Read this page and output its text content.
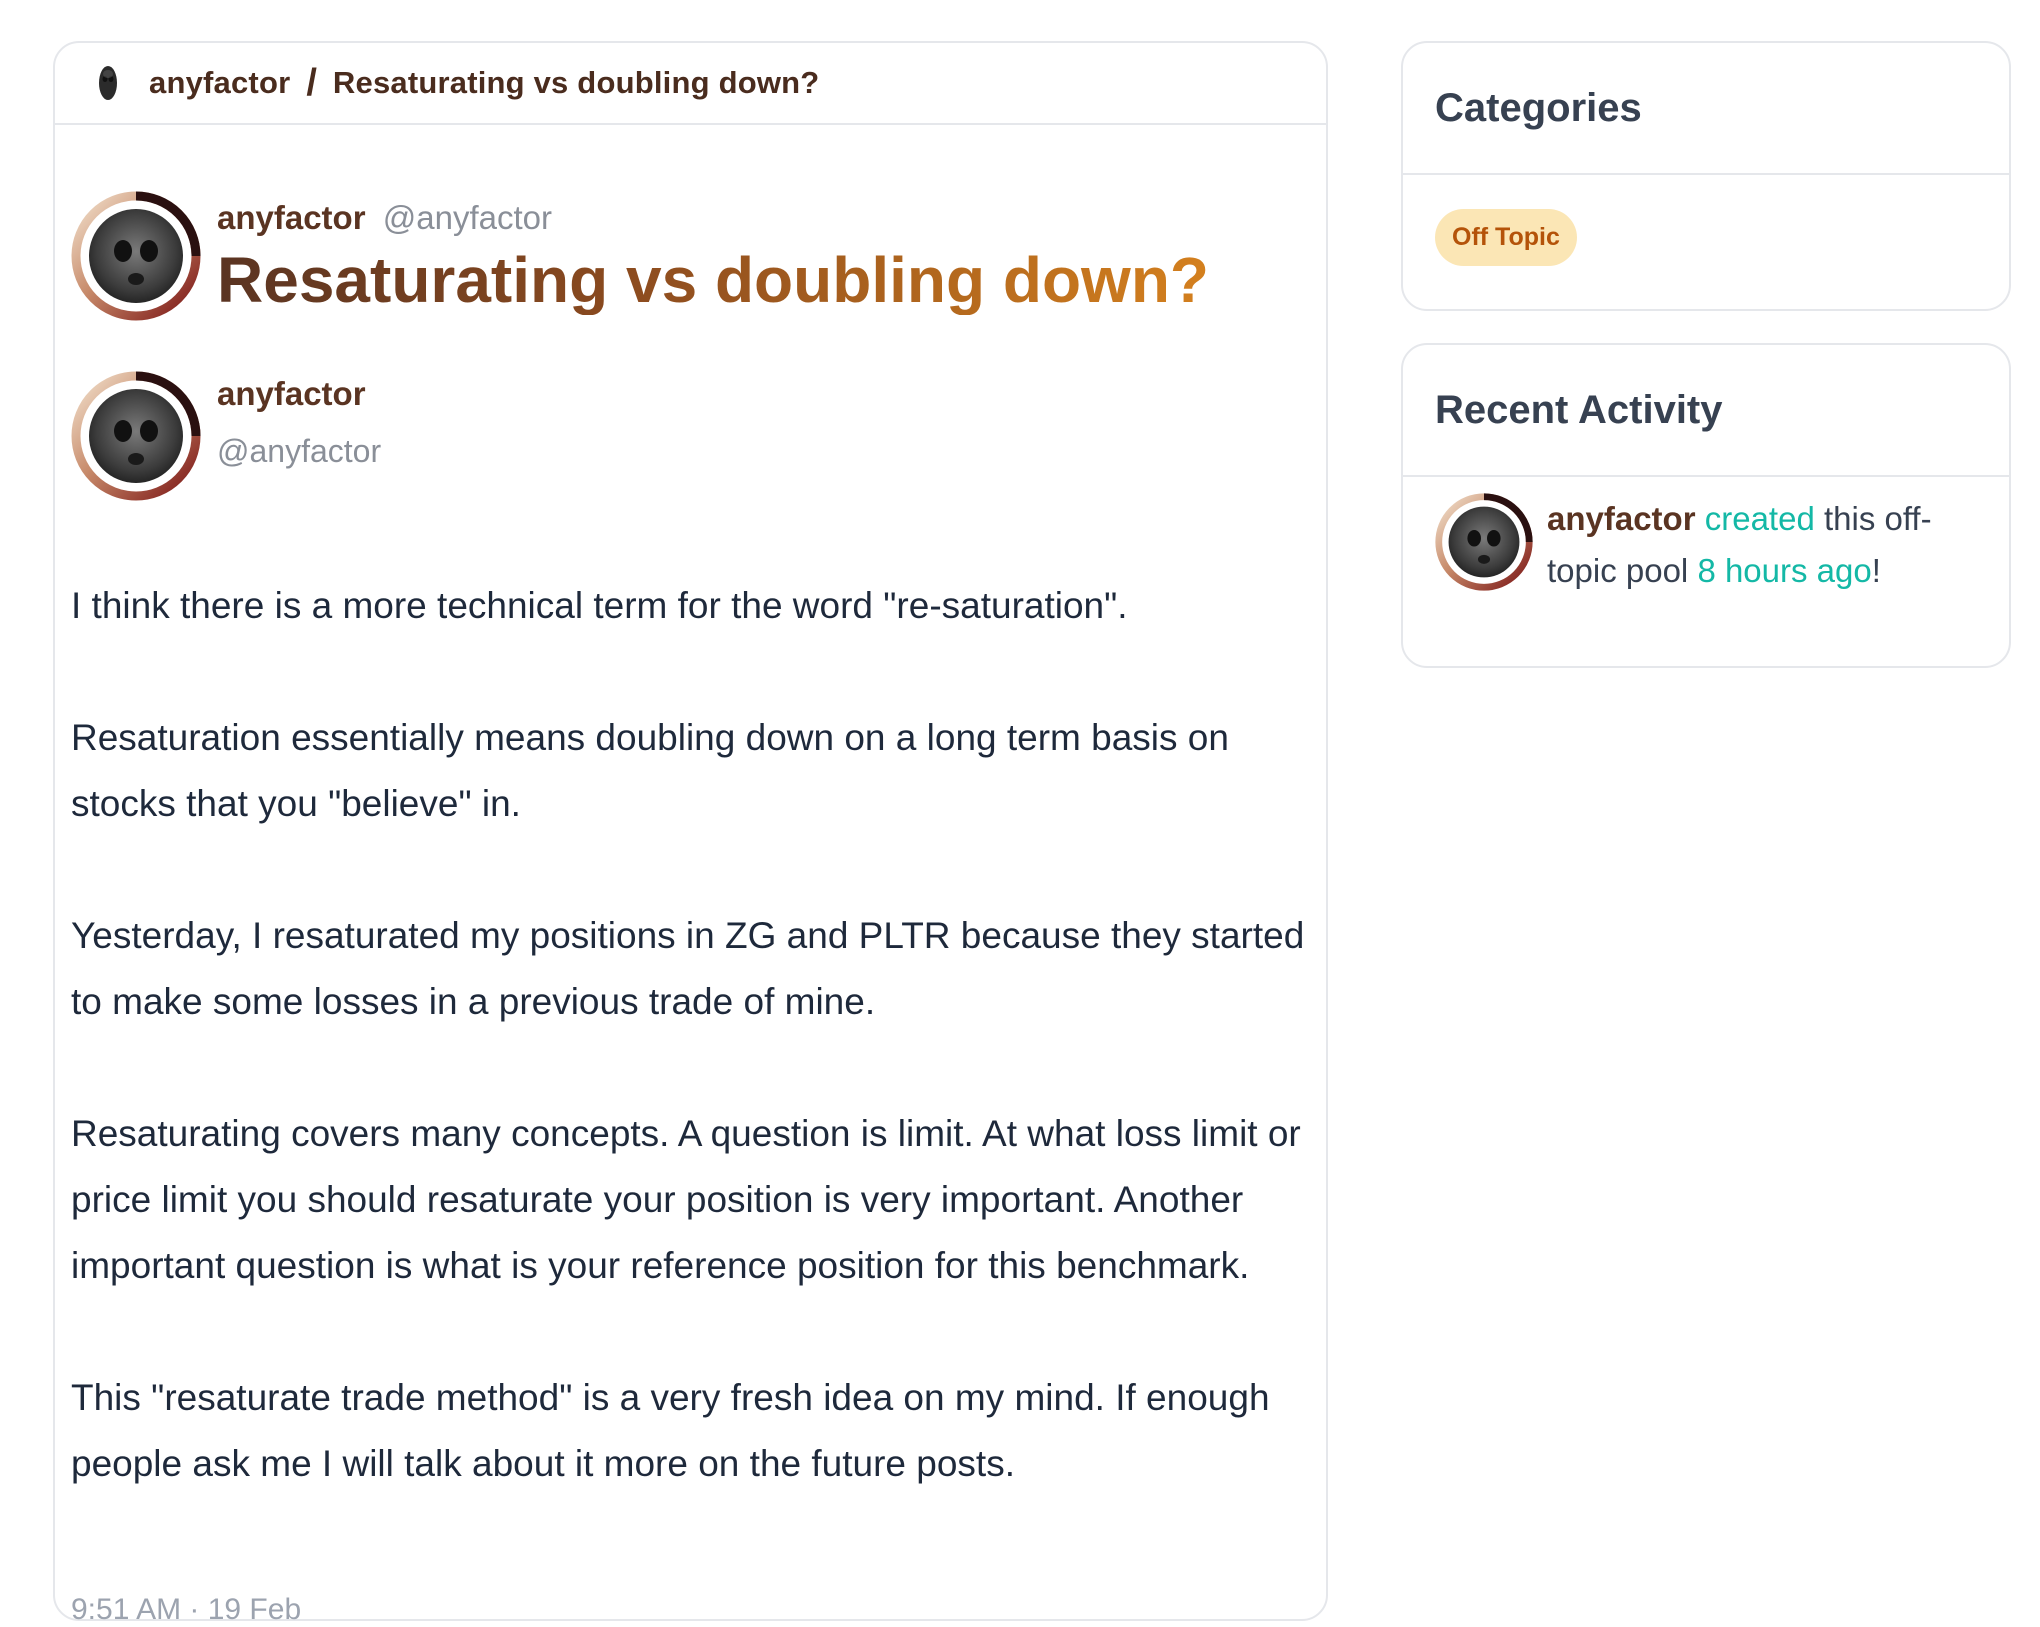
anyfactor / Resaturating vs doubling down?
anyfactor @anyfactor
Resaturating vs doubling down?
anyfactor
@anyfactor

I think there is a more technical term for the word "re-saturation".

Resaturation essentially means doubling down on a long term basis on stocks that you "believe" in.

Yesterday, I resaturated my positions in ZG and PLTR because they started to make some losses in a previous trade of mine.

Resaturating covers many concepts. A question is limit. At what loss limit or price limit you should resaturate your position is very important. Another important question is what is your reference position for this benchmark.

This "resaturate trade method" is a very fresh idea on my mind. If enough people ask me I will talk about it more on the future posts.

9:51 AM · 19 Feb
Categories
Off Topic
Recent Activity
anyfactor created this off-topic pool 8 hours ago!
